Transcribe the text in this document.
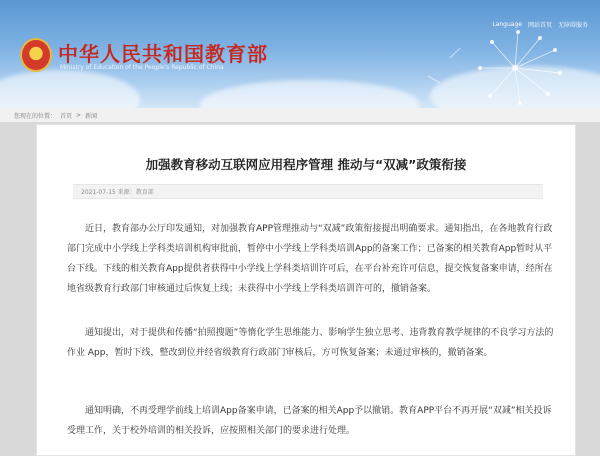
Language 网站首页 无障碍服务
中华人民共和国教育部
Ministry of Education of the People's Republic of China
您现在的位置： 首页 > 新闻
加强教育移动互联网应用程序管理 推动与“双减”政策衔接
2021-07-15 来源：教育部

近日，教育部办公厅印发通知，对加强教育APP管理推动与“双减”政策衔接提出明确要求。通知指出，在各地教育行政部门完成中小学线上学科类培训机构审批前，暂停中小学线上学科类培训App的备案工作；已备案的相关教育App暂时从平台下线。下线的相关教育App提供者获得中小学线上学科类培训许可后，在平台补充许可信息，提交恢复备案申请，经所在地省级教育行政部门审核通过后恢复上线；未获得中小学线上学科类培训许可的，撤销备案。

通知提出，对于提供和传播“拍照搜题”等惰化学生思维能力、影响学生独立思考、违背教育教学规律的不良学习方法的作业 App，暂时下线，整改到位并经省级教育行政部门审核后，方可恢复备案；未通过审核的，撤销备案。

通知明确，不再受理学前线上培训App备案申请，已备案的相关App予以撤销。教育APP平台不再开展“双减”相关投诉受理工作，关于校外培训的相关投诉，应按照相关部门的要求进行处理。
